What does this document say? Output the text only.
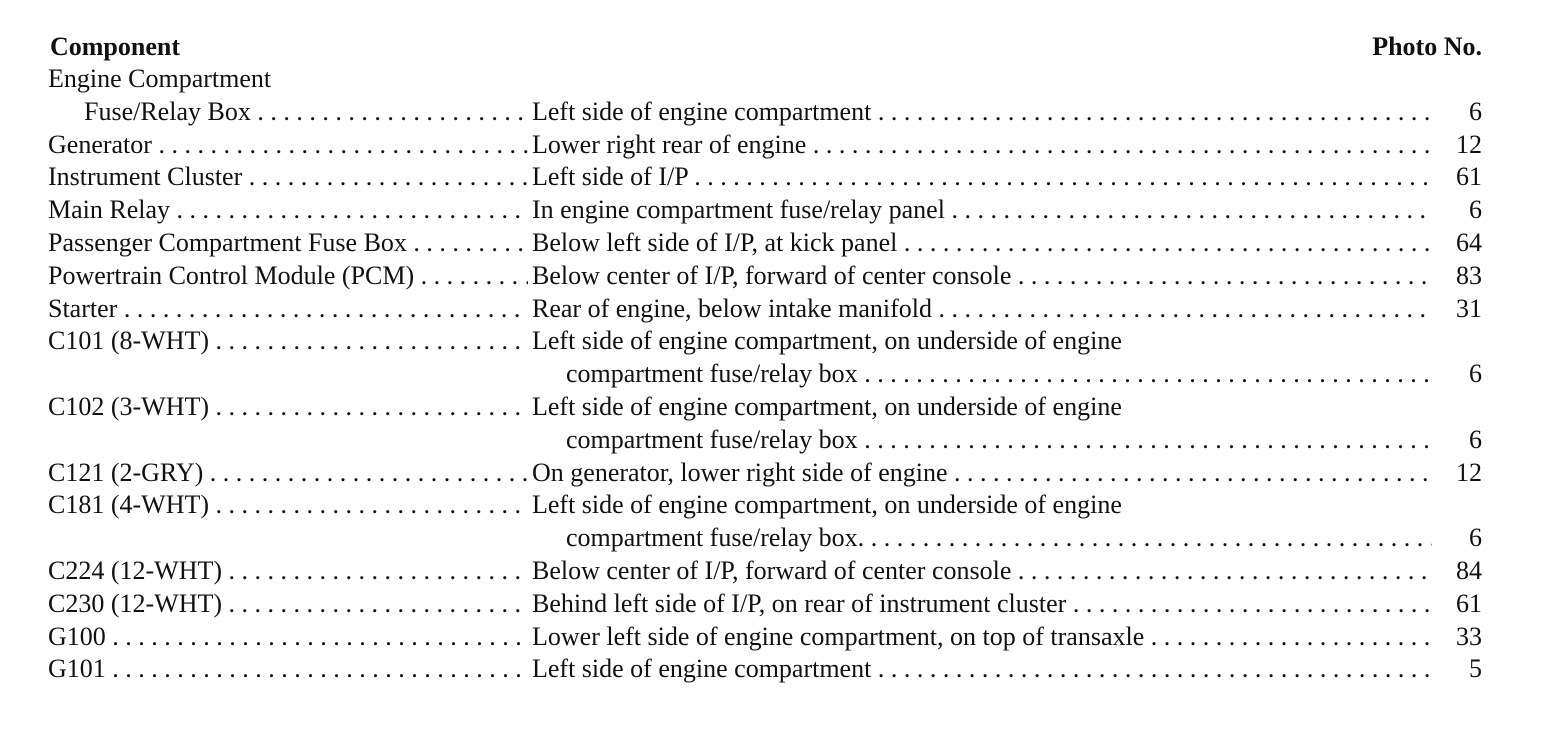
Component	Photo No.
Engine Compartment
Fuse/Relay Box . . .	Left side of engine compartment . . .	6
Generator . . .	Lower right rear of engine . . .	12
Instrument Cluster . . .	Left side of I/P . . .	61
Main Relay . . .	In engine compartment fuse/relay panel . . .	6
Passenger Compartment Fuse Box . . .	Below left side of I/P, at kick panel . . .	64
Powertrain Control Module (PCM) . . .	Below center of I/P, forward of center console . . .	83
Starter . . .	Rear of engine, below intake manifold . . .	31
C101 (8-WHT) . . .	Left side of engine compartment, on underside of engine
compartment fuse/relay box . . .	6
C102 (3-WHT) . . .	Left side of engine compartment, on underside of engine
compartment fuse/relay box . . .	6
C121 (2-GRY) . . .	On generator, lower right side of engine . . .	12
C181 (4-WHT) . . .	Left side of engine compartment, on underside of engine
compartment fuse/relay box. . . .	6
C224 (12-WHT) . . .	Below center of I/P, forward of center console . . .	84
C230 (12-WHT) . . .	Behind left side of I/P, on rear of instrument cluster . . .	61
G100 . . .	Lower left side of engine compartment, on top of transaxle . . .	33
G101 . . .	Left side of engine compartment . . .	5
